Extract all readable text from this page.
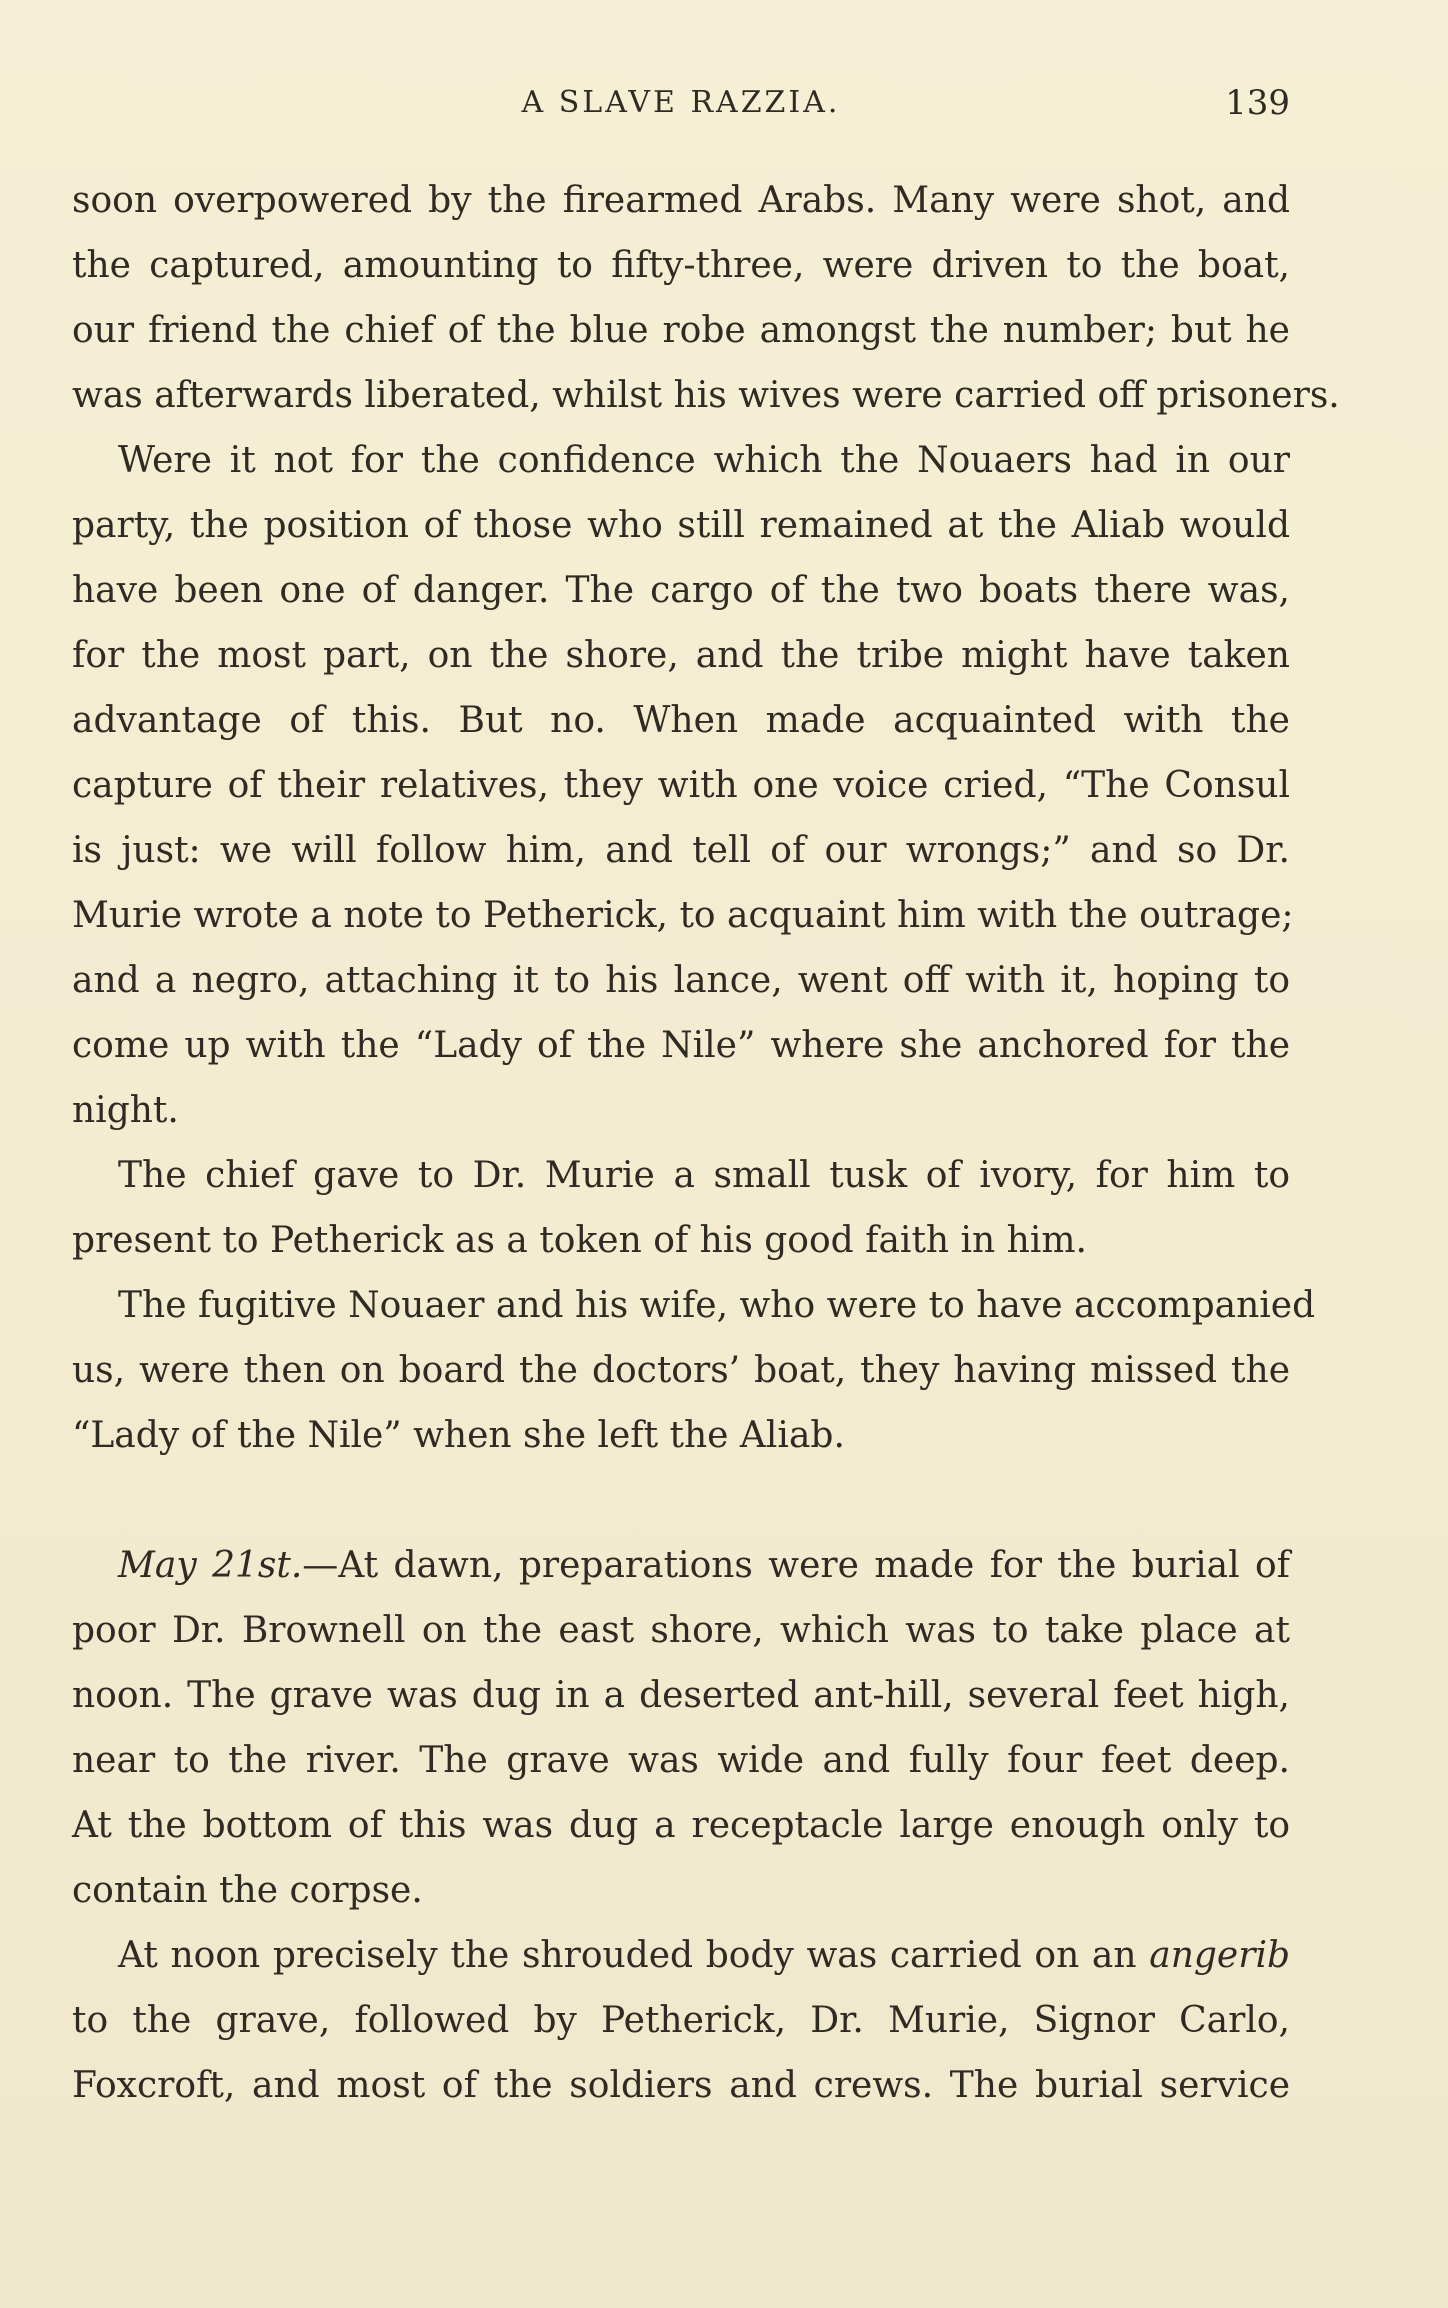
A SLAVE RAZZIA.	139
soon overpowered by the firearmed Arabs. Many were shot, and
the captured, amounting to fifty-three, were driven to the boat,
our friend the chief of the blue robe amongst the number; but he
was afterwards liberated, whilst his wives were carried off prisoners.
Were it not for the confidence which the Nouaers had in our
party, the position of those who still remained at the Aliab would
have been one of danger. The cargo of the two boats there was,
for the most part, on the shore, and the tribe might have taken
advantage of this. But no. When made acquainted with the
capture of their relatives, they with one voice cried, “The Consul
is just: we will follow him, and tell of our wrongs;” and so Dr.
Murie wrote a note to Petherick, to acquaint him with the outrage;
and a negro, attaching it to his lance, went off with it, hoping to
come up with the “Lady of the Nile” where she anchored for the
night.
The chief gave to Dr. Murie a small tusk of ivory, for him to
present to Petherick as a token of his good faith in him.
The fugitive Nouaer and his wife, who were to have accompanied
us, were then on board the doctors’ boat, they having missed the
“Lady of the Nile” when she left the Aliab.
May 21st.—At dawn, preparations were made for the burial of
poor Dr. Brownell on the east shore, which was to take place at
noon. The grave was dug in a deserted ant-hill, several feet high,
near to the river. The grave was wide and fully four feet deep.
At the bottom of this was dug a receptacle large enough only to
contain the corpse.
At noon precisely the shrouded body was carried on an angerib
to the grave, followed by Petherick, Dr. Murie, Signor Carlo,
Foxcroft, and most of the soldiers and crews. The burial service
